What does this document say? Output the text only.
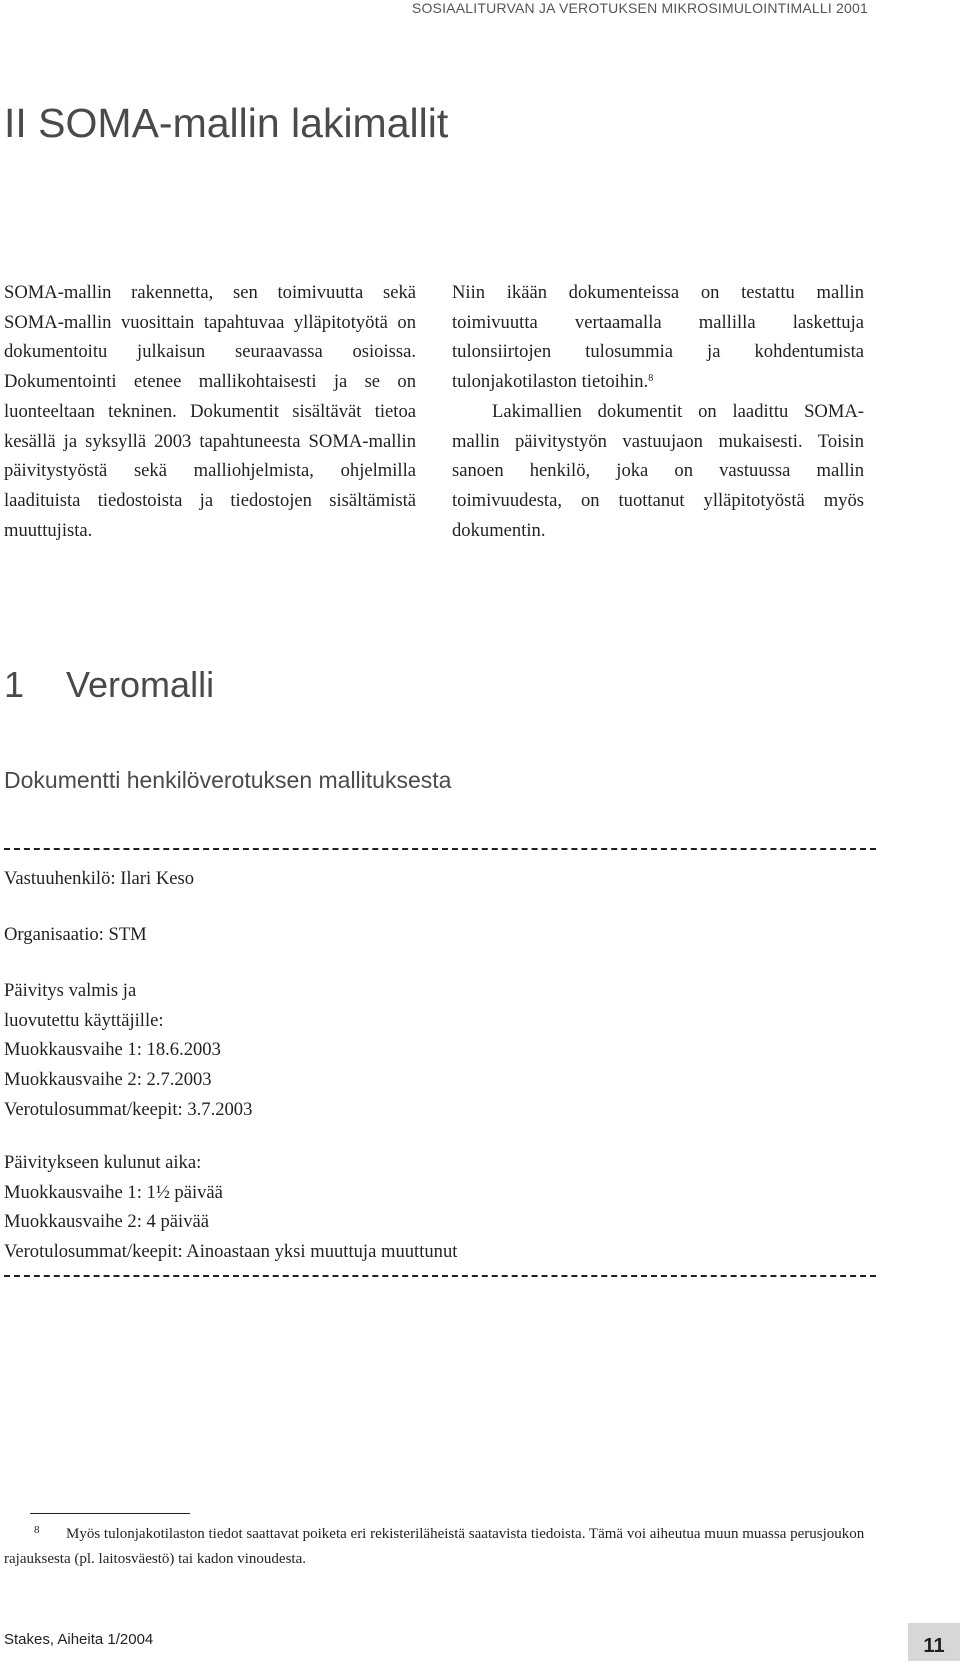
SOSIAALITURVAN JA VEROTUKSEN MIKROSIMULOINTIMALLI 2001
II SOMA-mallin lakimallit

SOMA-mallin rakennetta, sen toimivuutta sekä SOMA-mallin vuosittain tapahtuvaa ylläpitotyötä on dokumentoitu julkaisun seuraavassa osioissa. Dokumentointi etenee mallikohtaisesti ja se on luonteeltaan tekninen. Dokumentit sisältävät tietoa kesällä ja syksyllä 2003 tapahtuneesta SOMA-mallin päivitystyöstä sekä malliohjelmista, ohjelmilla laadituista tiedostoista ja tiedostojen sisältämistä muuttujista.

Niin ikään dokumenteissa on testattu mallin toimivuutta vertaamalla mallilla laskettuja tulonsiirtojen tulosummia ja kohdentumista tulonjakotilaston tietoihin.$^8$

Lakimallien dokumentit on laadittu SOMA-mallin päivitystyön vastuujaon mukaisesti. Toisin sanoen henkilö, joka on vastuussa mallin toimivuudesta, on tuottanut ylläpitotyöstä myös dokumentin.

1 Veromalli
Dokumentti henkilöverotuksen mallituksesta
Vastuuhenkilö: Ilari Keso
Organisaatio: STM
Päivitys valmis ja
luovutettu käyttäjille:
Muokkausvaihe 1: 18.6.2003
Muokkausvaihe 2: 2.7.2003
Verotulosummat/keepit: 3.7.2003
Päivitykseen kulunut aika:
Muokkausvaihe 1: 1½ päivää
Muokkausvaihe 2: 4 päivää
Verotulosummat/keepit: Ainoastaan yksi muuttuja muuttunut
8 Myös tulonjakotilaston tiedot saattavat poiketa eri rekisteriläheistä saatavista tiedoista. Tämä voi aiheutua muun muassa perusjoukon rajauksesta (pl. laitosväestö) tai kadon vinoudesta.
Stakes, Aiheita 1/2004	11
